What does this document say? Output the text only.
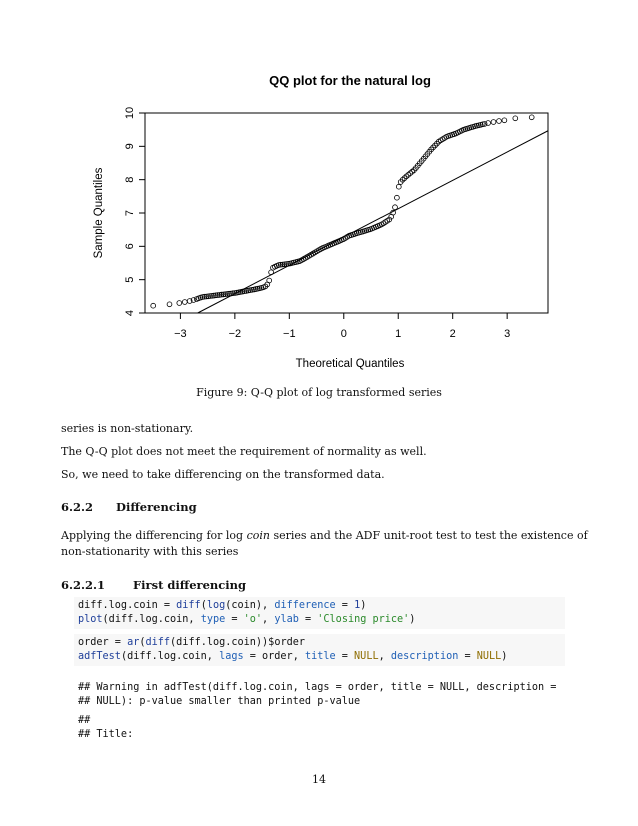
QQ plot for the natural log
−3	−2	−1	0	1	2	3
4
5
6
7
8
9
10
Theoretical Quantiles
Sample Quantiles
Figure 9: Q-Q plot of log transformed series
series is non-stationary.
The Q-Q plot does not meet the requirement of normality as well.
So, we need to take differencing on the transformed data.
6.2.2 Differencing
Applying the differencing for log coin series and the ADF unit-root test to test the existence of
non-stationarity with this series
6.2.2.1 First differencing
diff.log.coin = diff(log(coin), difference = 1)
plot(diff.log.coin, type = 'o', ylab = 'Closing price')
order = ar(diff(diff.log.coin))$order
adfTest(diff.log.coin, lags = order, title = NULL, description = NULL)
## Warning in adfTest(diff.log.coin, lags = order, title = NULL, description =
## NULL): p-value smaller than printed p-value
##
## Title:
14
